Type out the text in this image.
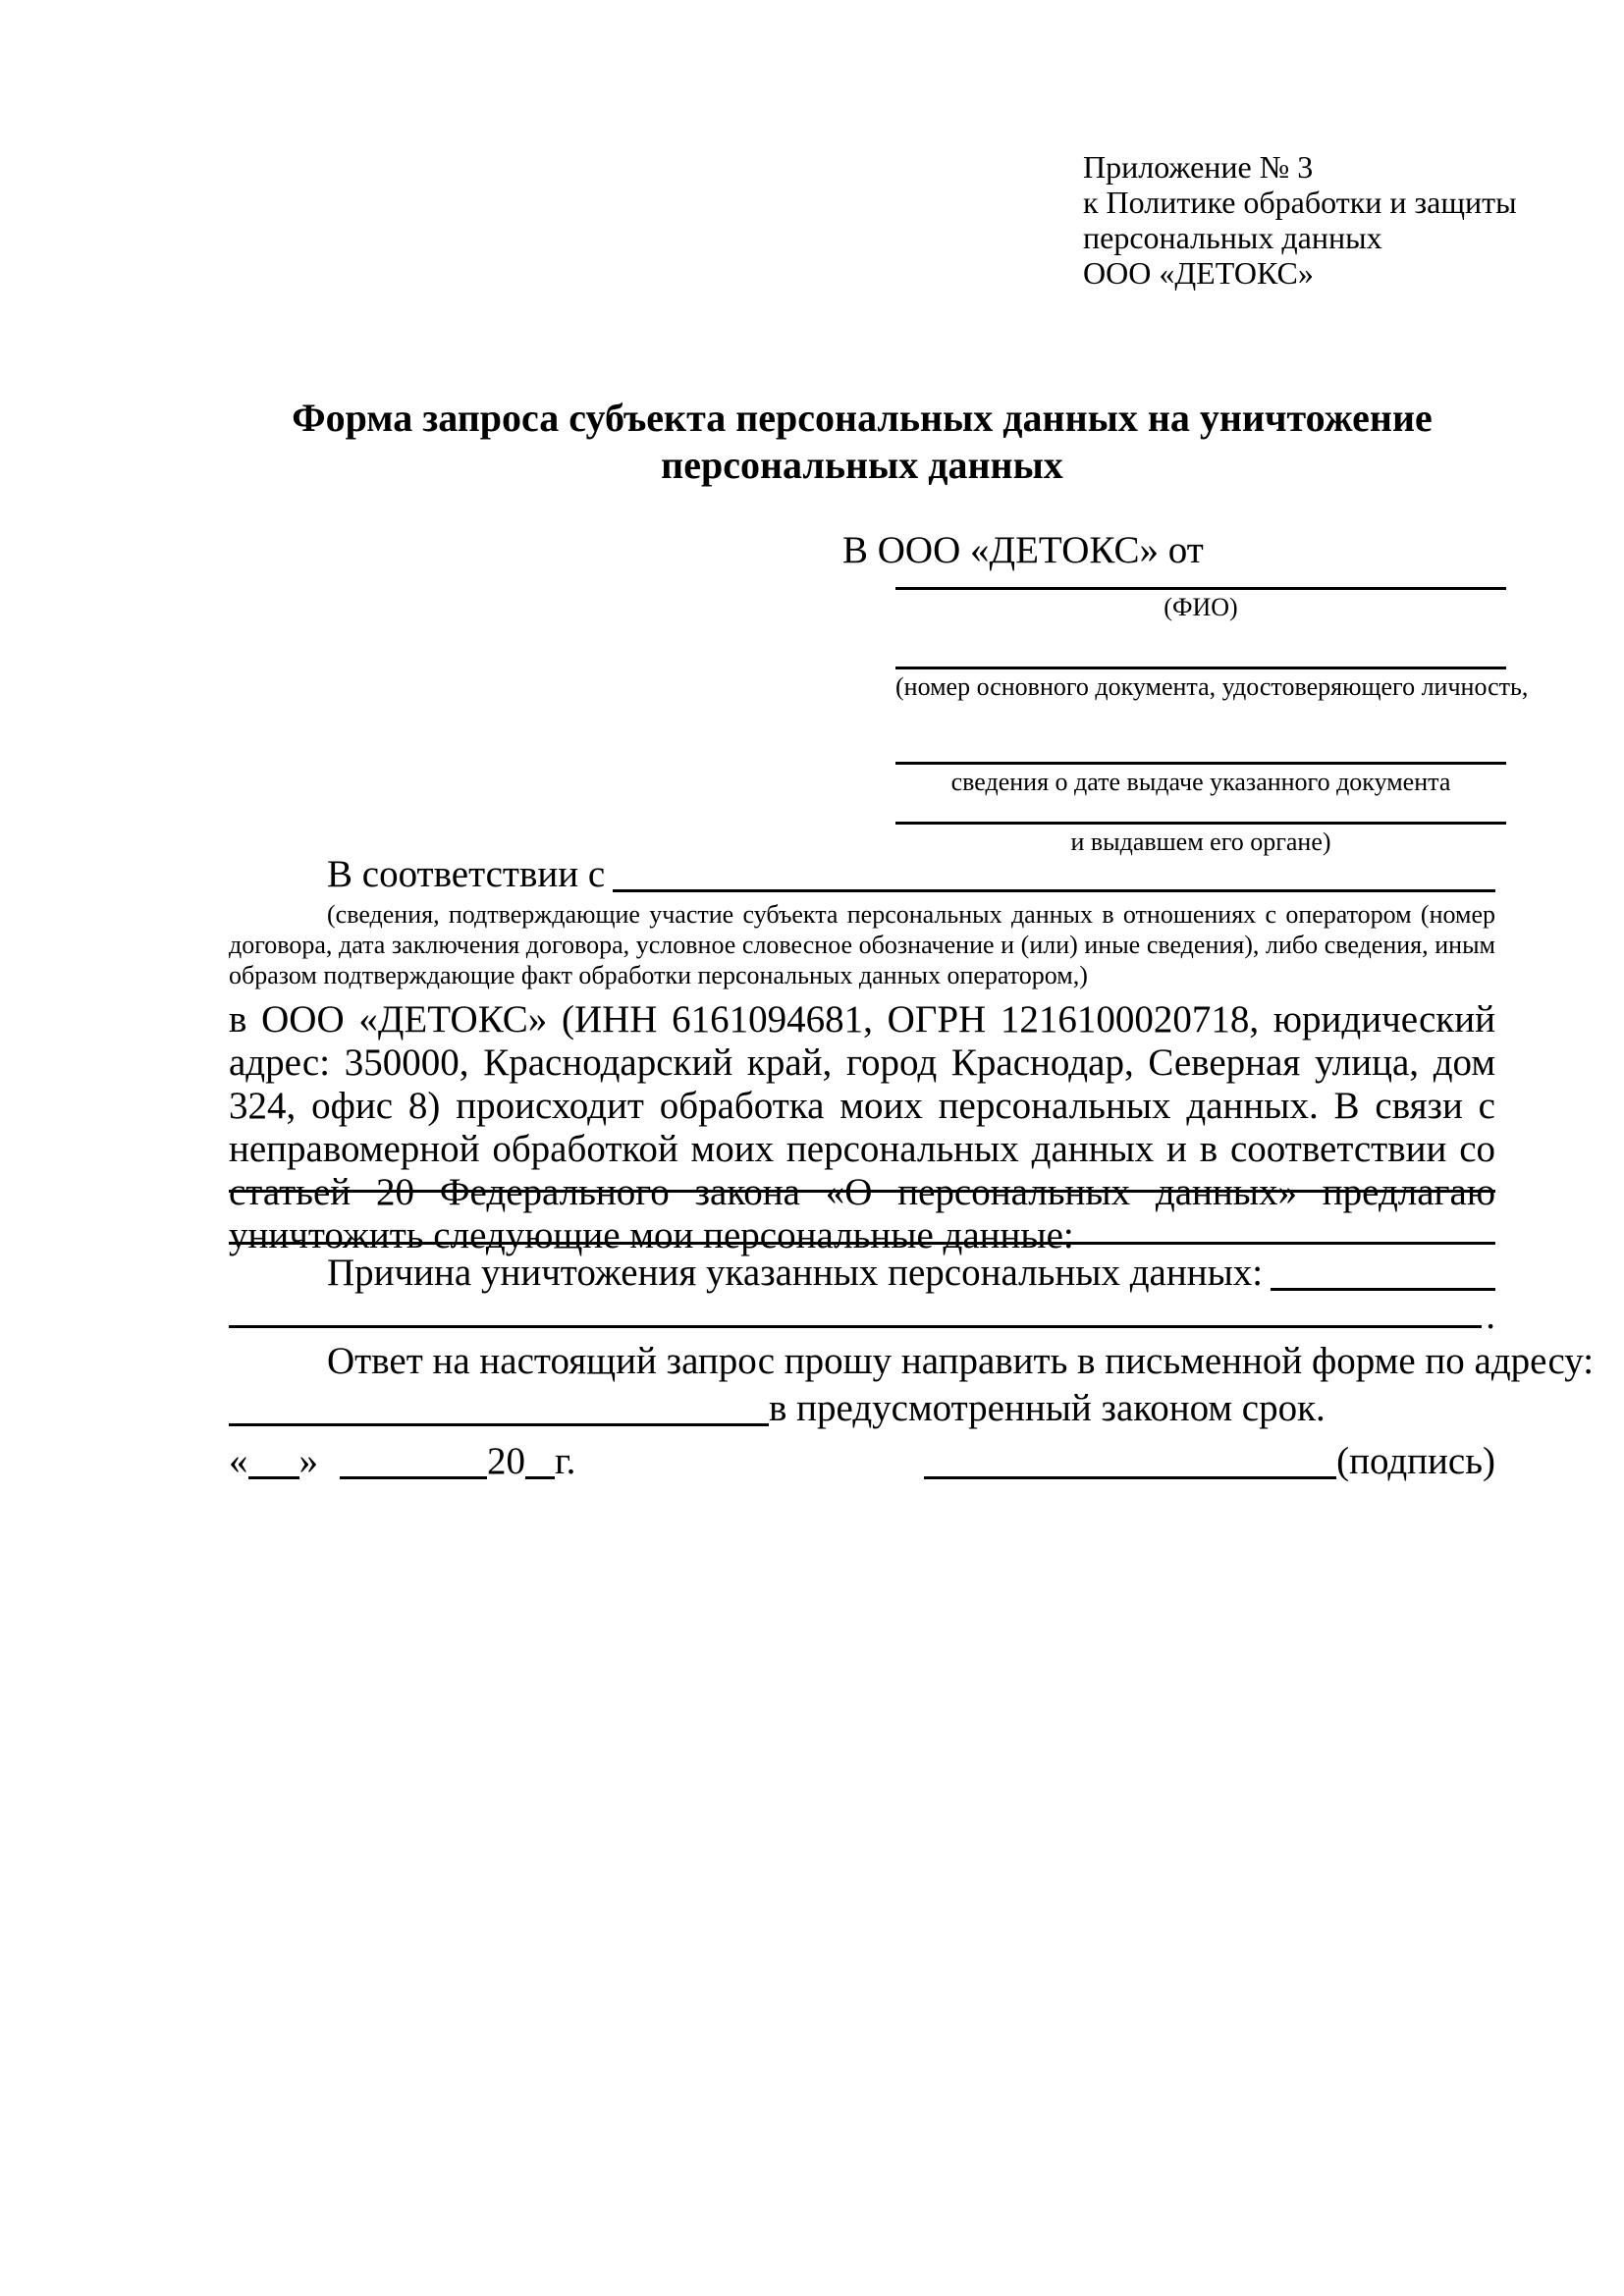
Приложение № 3
к Политике обработки и защиты
персональных данных
ООО «ДЕТОКС»
Форма запроса субъекта персональных данных на уничтожение персональных данных
В ООО «ДЕТОКС» от
(ФИО)
(номер основного документа, удостоверяющего личность,
сведения о дате выдаче указанного документа
и выдавшем его органе)
В соответствии с

(сведения, подтверждающие участие субъекта персональных данных в отношениях с оператором (номер договора, дата заключения договора, условное словесное обозначение и (или) иные сведения), либо сведения, иным образом подтверждающие факт обработки персональных данных оператором,)

в ООО «ДЕТОКС» (ИНН 6161094681, ОГРН 1216100020718, юридический адрес: 350000, Краснодарский край, город Краснодар, Северная улица, дом 324, офис 8) происходит обработка моих персональных данных. В связи с неправомерной обработкой моих персональных данных и в соответствии со статьей 20 Федерального закона «О персональных данных» предлагаю уничтожить следующие мои персональные данные:

Причина уничтожения указанных персональных данных:
.
Ответ на настоящий запрос прошу направить в письменной форме по адресу:
в предусмотренный законом срок.
« »	20 г.	(подпись)
